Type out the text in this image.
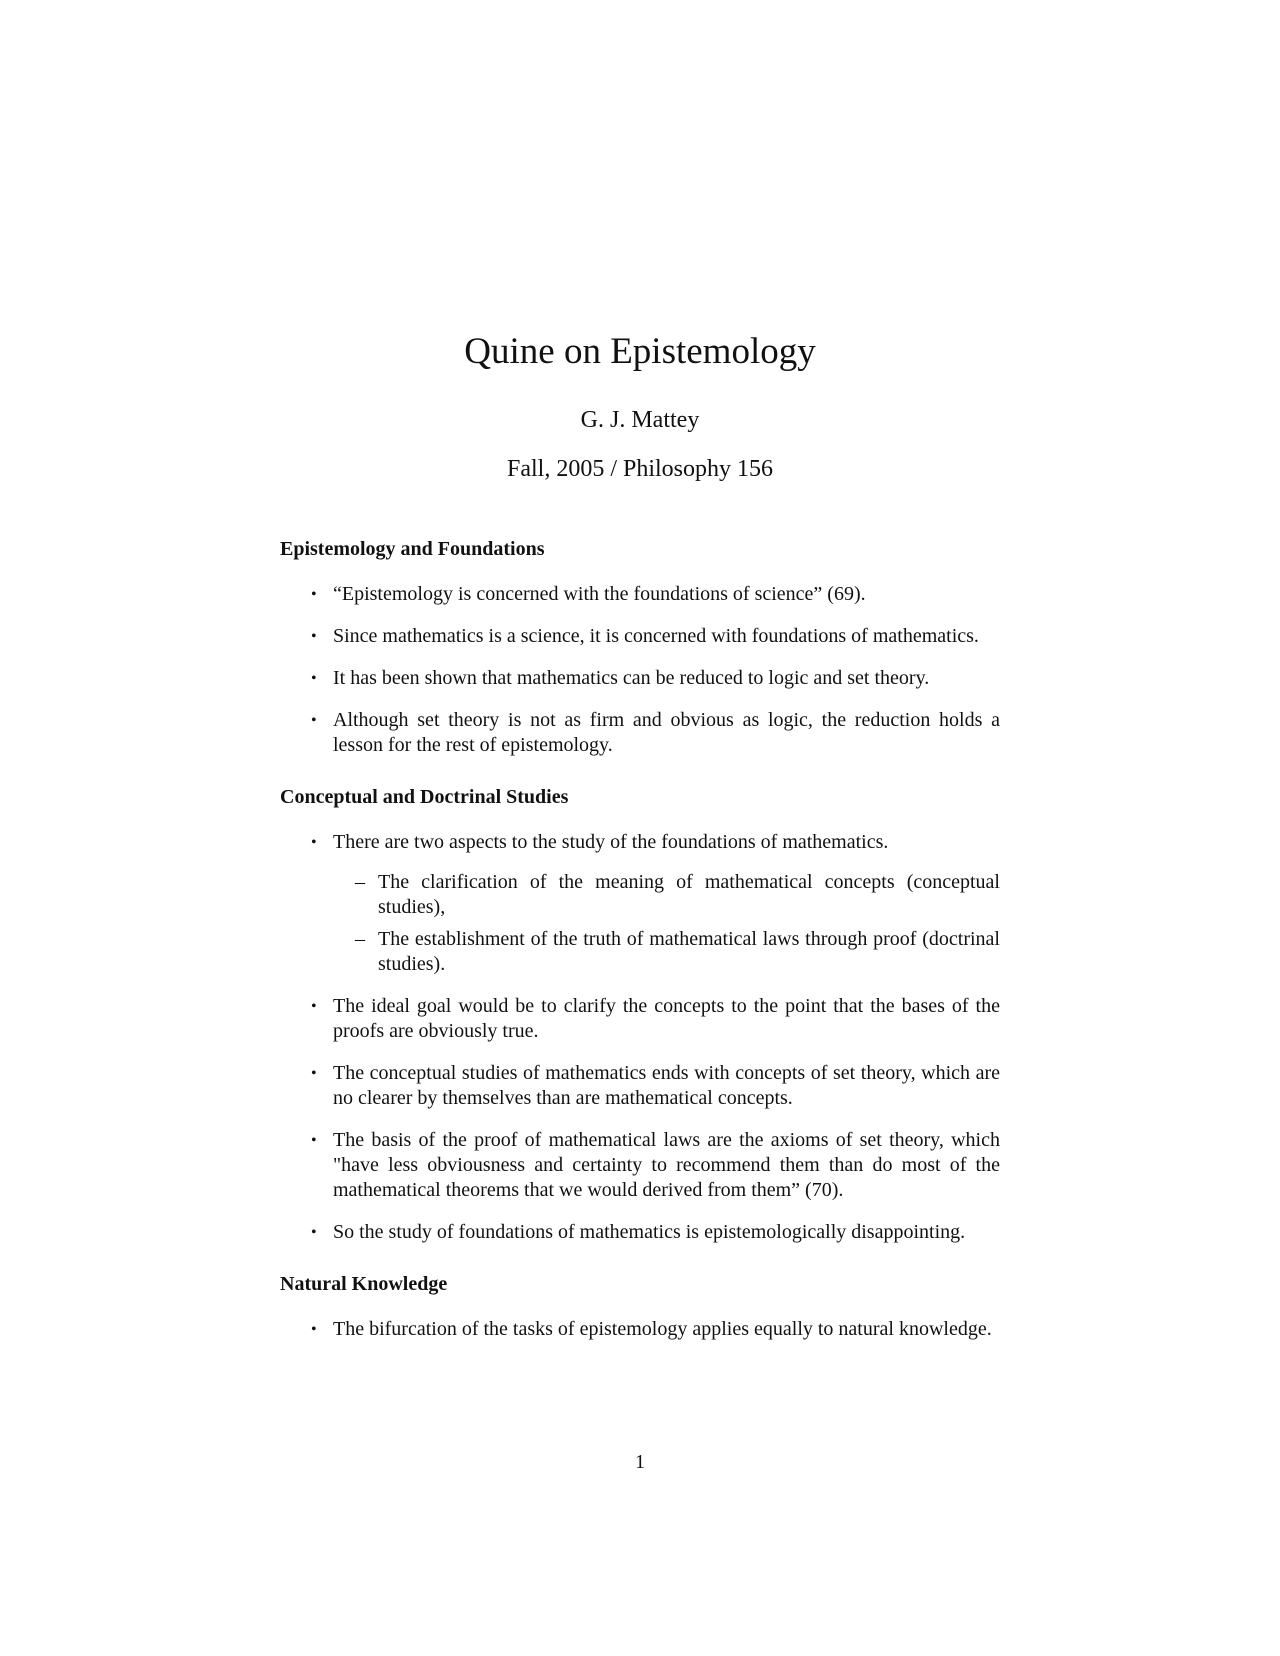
Quine on Epistemology
G. J. Mattey
Fall, 2005 / Philosophy 156
Epistemology and Foundations
• “Epistemology is concerned with the foundations of science” (69).
• Since mathematics is a science, it is concerned with foundations of mathematics.
• It has been shown that mathematics can be reduced to logic and set theory.
• Although set theory is not as firm and obvious as logic, the reduction holds a lesson for the rest of epistemology.
Conceptual and Doctrinal Studies
• There are two aspects to the study of the foundations of mathematics.
– The clarification of the meaning of mathematical concepts (conceptual studies),
– The establishment of the truth of mathematical laws through proof (doctrinal studies).
• The ideal goal would be to clarify the concepts to the point that the bases of the proofs are obviously true.
• The conceptual studies of mathematics ends with concepts of set theory, which are no clearer by themselves than are mathematical concepts.
• The basis of the proof of mathematical laws are the axioms of set theory, which "have less obviousness and certainty to recommend them than do most of the mathematical theorems that we would derived from them” (70).
• So the study of foundations of mathematics is epistemologically disappointing.
Natural Knowledge
• The bifurcation of the tasks of epistemology applies equally to natural knowledge.
1
